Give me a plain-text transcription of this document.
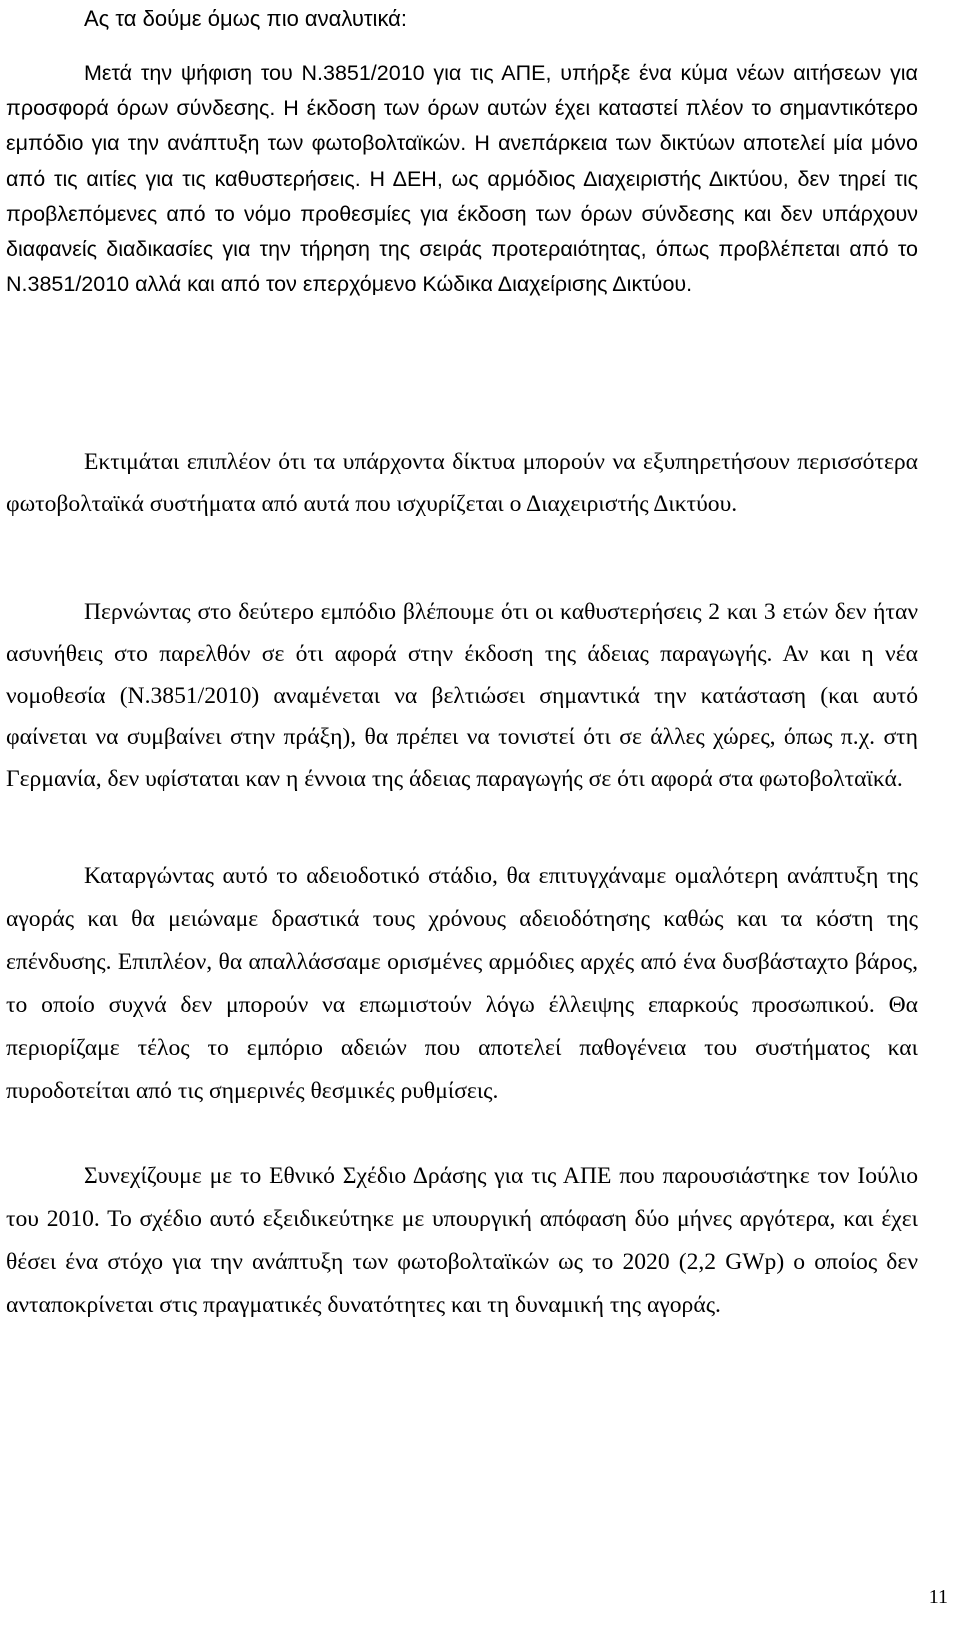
Ας τα δούμε όμως πιο αναλυτικά:

Μετά την ψήφιση του Ν.3851/2010 για τις ΑΠΕ, υπήρξε ένα κύμα νέων αιτήσεων για προσφορά όρων σύνδεσης. Η έκδοση των όρων αυτών έχει καταστεί πλέον το σημαντικότερο εμπόδιο για την ανάπτυξη των φωτοβολταϊκών. Η ανεπάρκεια των δικτύων αποτελεί μία μόνο από τις αιτίες για τις καθυστερήσεις. Η ΔΕΗ, ως αρμόδιος Διαχειριστής Δικτύου, δεν τηρεί τις προβλεπόμενες από το νόμο προθεσμίες για έκδοση των όρων σύνδεσης και δεν υπάρχουν διαφανείς διαδικασίες για την τήρηση της σειράς προτεραιότητας, όπως προβλέπεται από το Ν.3851/2010 αλλά και από τον επερχόμενο Κώδικα Διαχείρισης Δικτύου.

Εκτιμάται επιπλέον ότι τα υπάρχοντα δίκτυα μπορούν να εξυπηρετήσουν περισσότερα φωτοβολταϊκά συστήματα από αυτά που ισχυρίζεται ο Διαχειριστής Δικτύου.

Περνώντας στο δεύτερο εμπόδιο βλέπουμε ότι οι καθυστερήσεις 2 και 3 ετών δεν ήταν ασυνήθεις στο παρελθόν σε ότι αφορά στην έκδοση της άδειας παραγωγής. Αν και η νέα νομοθεσία (Ν.3851/2010) αναμένεται να βελτιώσει σημαντικά την κατάσταση (και αυτό φαίνεται να συμβαίνει στην πράξη), θα πρέπει να τονιστεί ότι σε άλλες χώρες, όπως π.χ. στη Γερμανία, δεν υφίσταται καν η έννοια της άδειας παραγωγής σε ότι αφορά στα φωτοβολταϊκά.

Καταργώντας αυτό το αδειοδοτικό στάδιο, θα επιτυγχάναμε ομαλότερη ανάπτυξη της αγοράς και θα μειώναμε δραστικά τους χρόνους αδειοδότησης καθώς και τα κόστη της επένδυσης. Επιπλέον, θα απαλλάσσαμε ορισμένες αρμόδιες αρχές από ένα δυσβάσταχτο βάρος, το οποίο συχνά δεν μπορούν να επωμιστούν λόγω έλλειψης επαρκούς προσωπικού. Θα περιορίζαμε τέλος το εμπόριο αδειών που αποτελεί παθογένεια του συστήματος και πυροδοτείται από τις σημερινές θεσμικές ρυθμίσεις.

Συνεχίζουμε με το Εθνικό Σχέδιο Δράσης για τις ΑΠΕ που παρουσιάστηκε τον Ιούλιο του 2010. Το σχέδιο αυτό εξειδικεύτηκε με υπουργική απόφαση δύο μήνες αργότερα, και έχει θέσει ένα στόχο για την ανάπτυξη των φωτοβολταϊκών ως το 2020 (2,2 GWp) ο οποίος δεν ανταποκρίνεται στις πραγματικές δυνατότητες και τη δυναμική της αγοράς.

11
